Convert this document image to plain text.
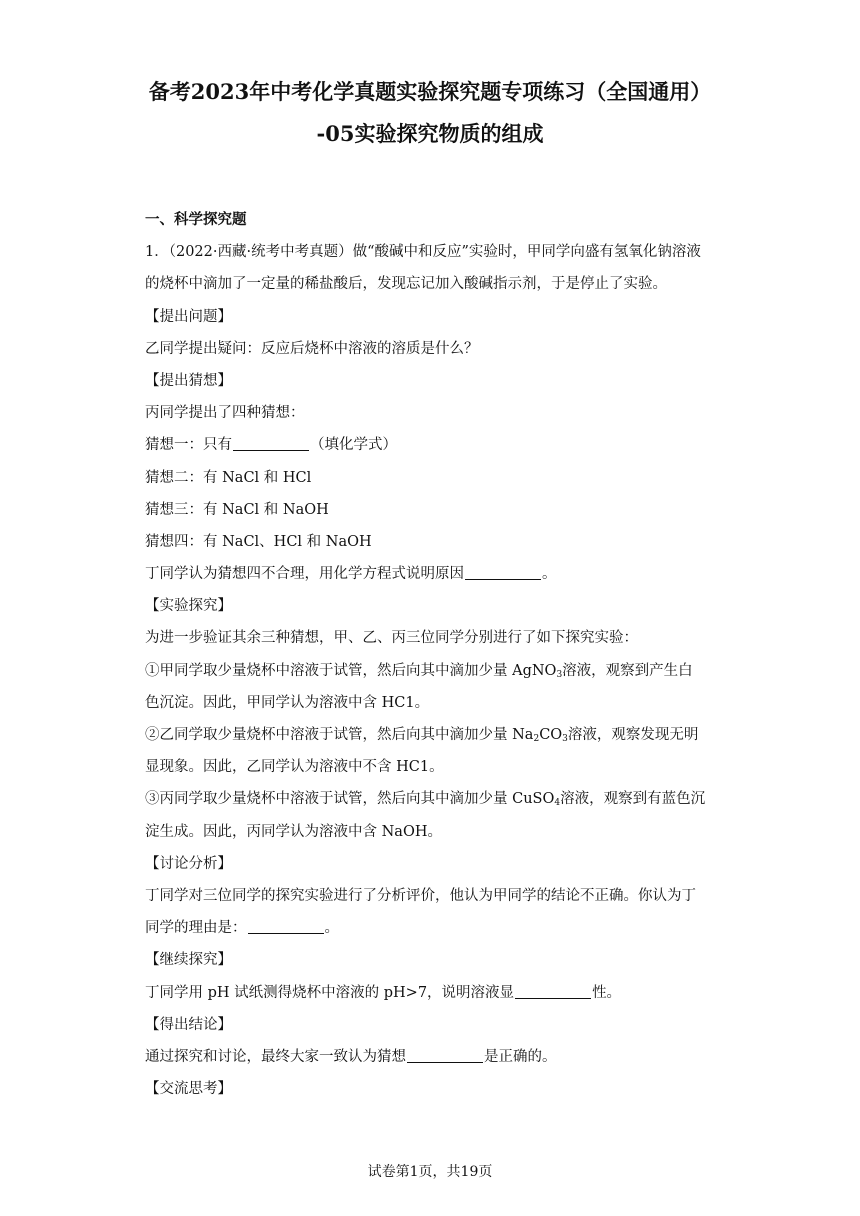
备考2023年中考化学真题实验探究题专项练习（全国通用）
-05实验探究物质的组成
一、科学探究题
1．（2022·西藏·统考中考真题）做“酸碱中和反应”实验时，甲同学向盛有氢氧化钠溶液
的烧杯中滴加了一定量的稀盐酸后，发现忘记加入酸碱指示剂，于是停止了实验。
【提出问题】
乙同学提出疑问：反应后烧杯中溶液的溶质是什么？
【提出猜想】
丙同学提出了四种猜想：
猜想一：只有	（填化学式）
猜想二：有 NaCl 和 HCl
猜想三：有 NaCl 和 NaOH
猜想四：有 NaCl、HCl 和 NaOH
丁同学认为猜想四不合理，用化学方程式说明原因	。
【实验探究】
为进一步验证其余三种猜想，甲、乙、丙三位同学分别进行了如下探究实验：
①甲同学取少量烧杯中溶液于试管，然后向其中滴加少量 AgNO$_3$溶液，观察到产生白
色沉淀。因此，甲同学认为溶液中含 HC1。
②乙同学取少量烧杯中溶液于试管，然后向其中滴加少量 $Na_2CO_3$溶液，观察发现无明
显现象。因此，乙同学认为溶液中不含 HC1。
③丙同学取少量烧杯中溶液于试管，然后向其中滴加少量 CuSO$_4$溶液，观察到有蓝色沉
淀生成。因此，丙同学认为溶液中含 NaOH。
【讨论分析】
丁同学对三位同学的探究实验进行了分析评价，他认为甲同学的结论不正确。你认为丁
同学的理由是：	。
【继续探究】
丁同学用 pH 试纸测得烧杯中溶液的 pH>7，说明溶液显	性。
【得出结论】
通过探究和讨论，最终大家一致认为猜想	是正确的。
【交流思考】
试卷第1页，共19页
